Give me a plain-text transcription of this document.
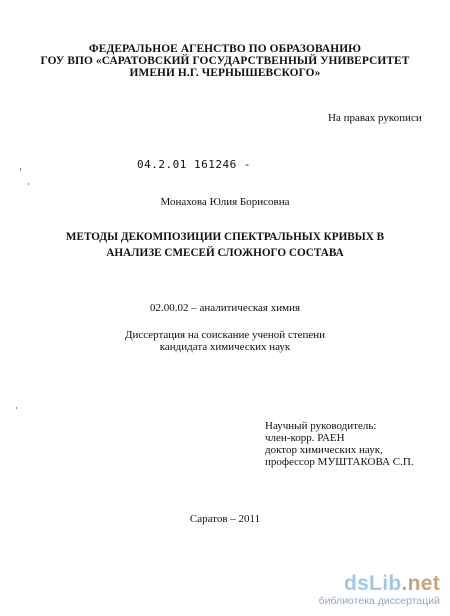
ФЕДЕРАЛЬНОЕ АГЕНСТВО ПО ОБРАЗОВАНИЮ
ГОУ ВПО «САРАТОВСКИЙ ГОСУДАРСТВЕННЫЙ УНИВЕРСИТЕТ
ИМЕНИ Н.Г. ЧЕРНЫШЕВСКОГО»
На правах рукописи
04.2.01 161246 -
Монахова Юлия Борисовна
МЕТОДЫ ДЕКОМПОЗИЦИИ СПЕКТРАЛЬНЫХ КРИВЫХ В
АНАЛИЗЕ СМЕСЕЙ СЛОЖНОГО СОСТАВА
02.00.02 – аналитическая химия
Диссертация на соискание ученой степени
кандидата химических наук
Научный руководитель:
член-корр. РАЕН
доктор химических наук,
профессор МУШТАКОВА С.П.
Саратов – 2011
dsLib.net
библиотека диссертаций
